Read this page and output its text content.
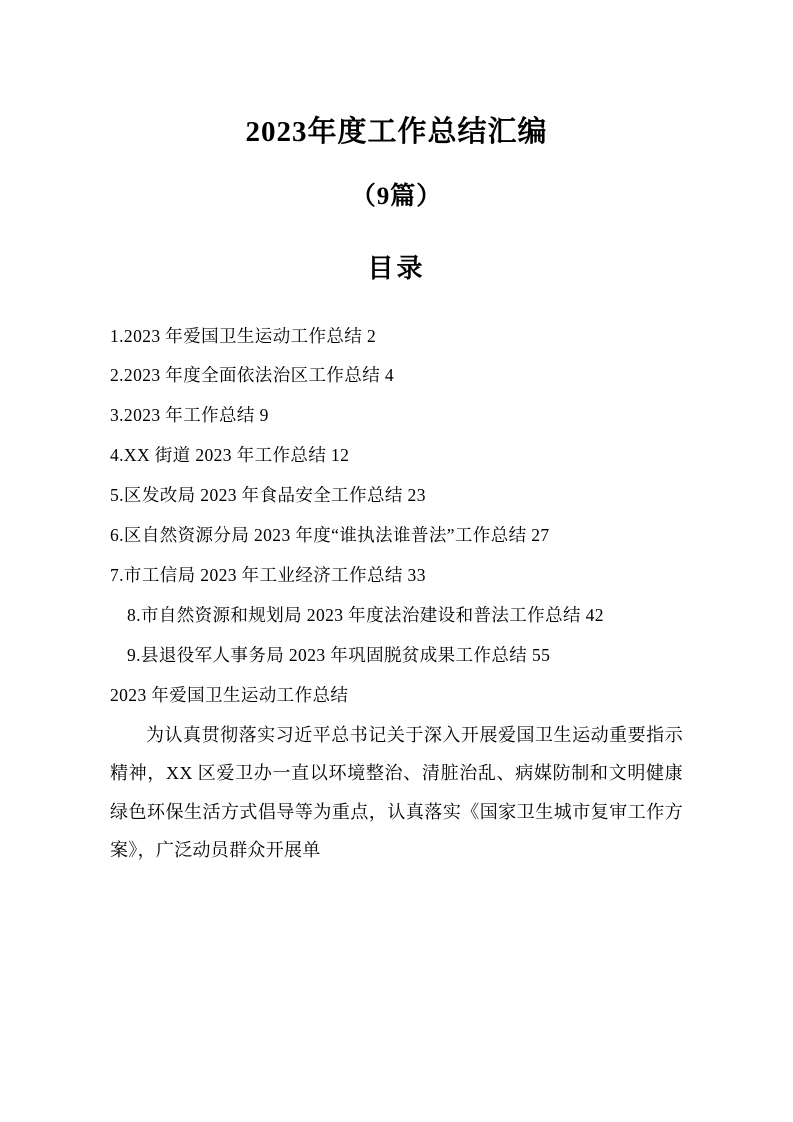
2023年度工作总结汇编
（9篇）
目录
1.2023 年爱国卫生运动工作总结 2
2.2023 年度全面依法治区工作总结 4
3.2023 年工作总结 9
4.XX 街道 2023 年工作总结 12
5.区发改局 2023 年食品安全工作总结 23
6.区自然资源分局 2023 年度“谁执法谁普法”工作总结 27
7.市工信局 2023 年工业经济工作总结 33
8.市自然资源和规划局 2023 年度法治建设和普法工作总结 42
9.县退役军人事务局 2023 年巩固脱贫成果工作总结 55

2023 年爱国卫生运动工作总结

为认真贯彻落实习近平总书记关于深入开展爱国卫生运动重要指示精神，XX 区爱卫办一直以环境整治、清脏治乱、病媒防制和文明健康绿色环保生活方式倡导等为重点，认真落实《国家卫生城市复审工作方案》，广泛动员群众开展单
